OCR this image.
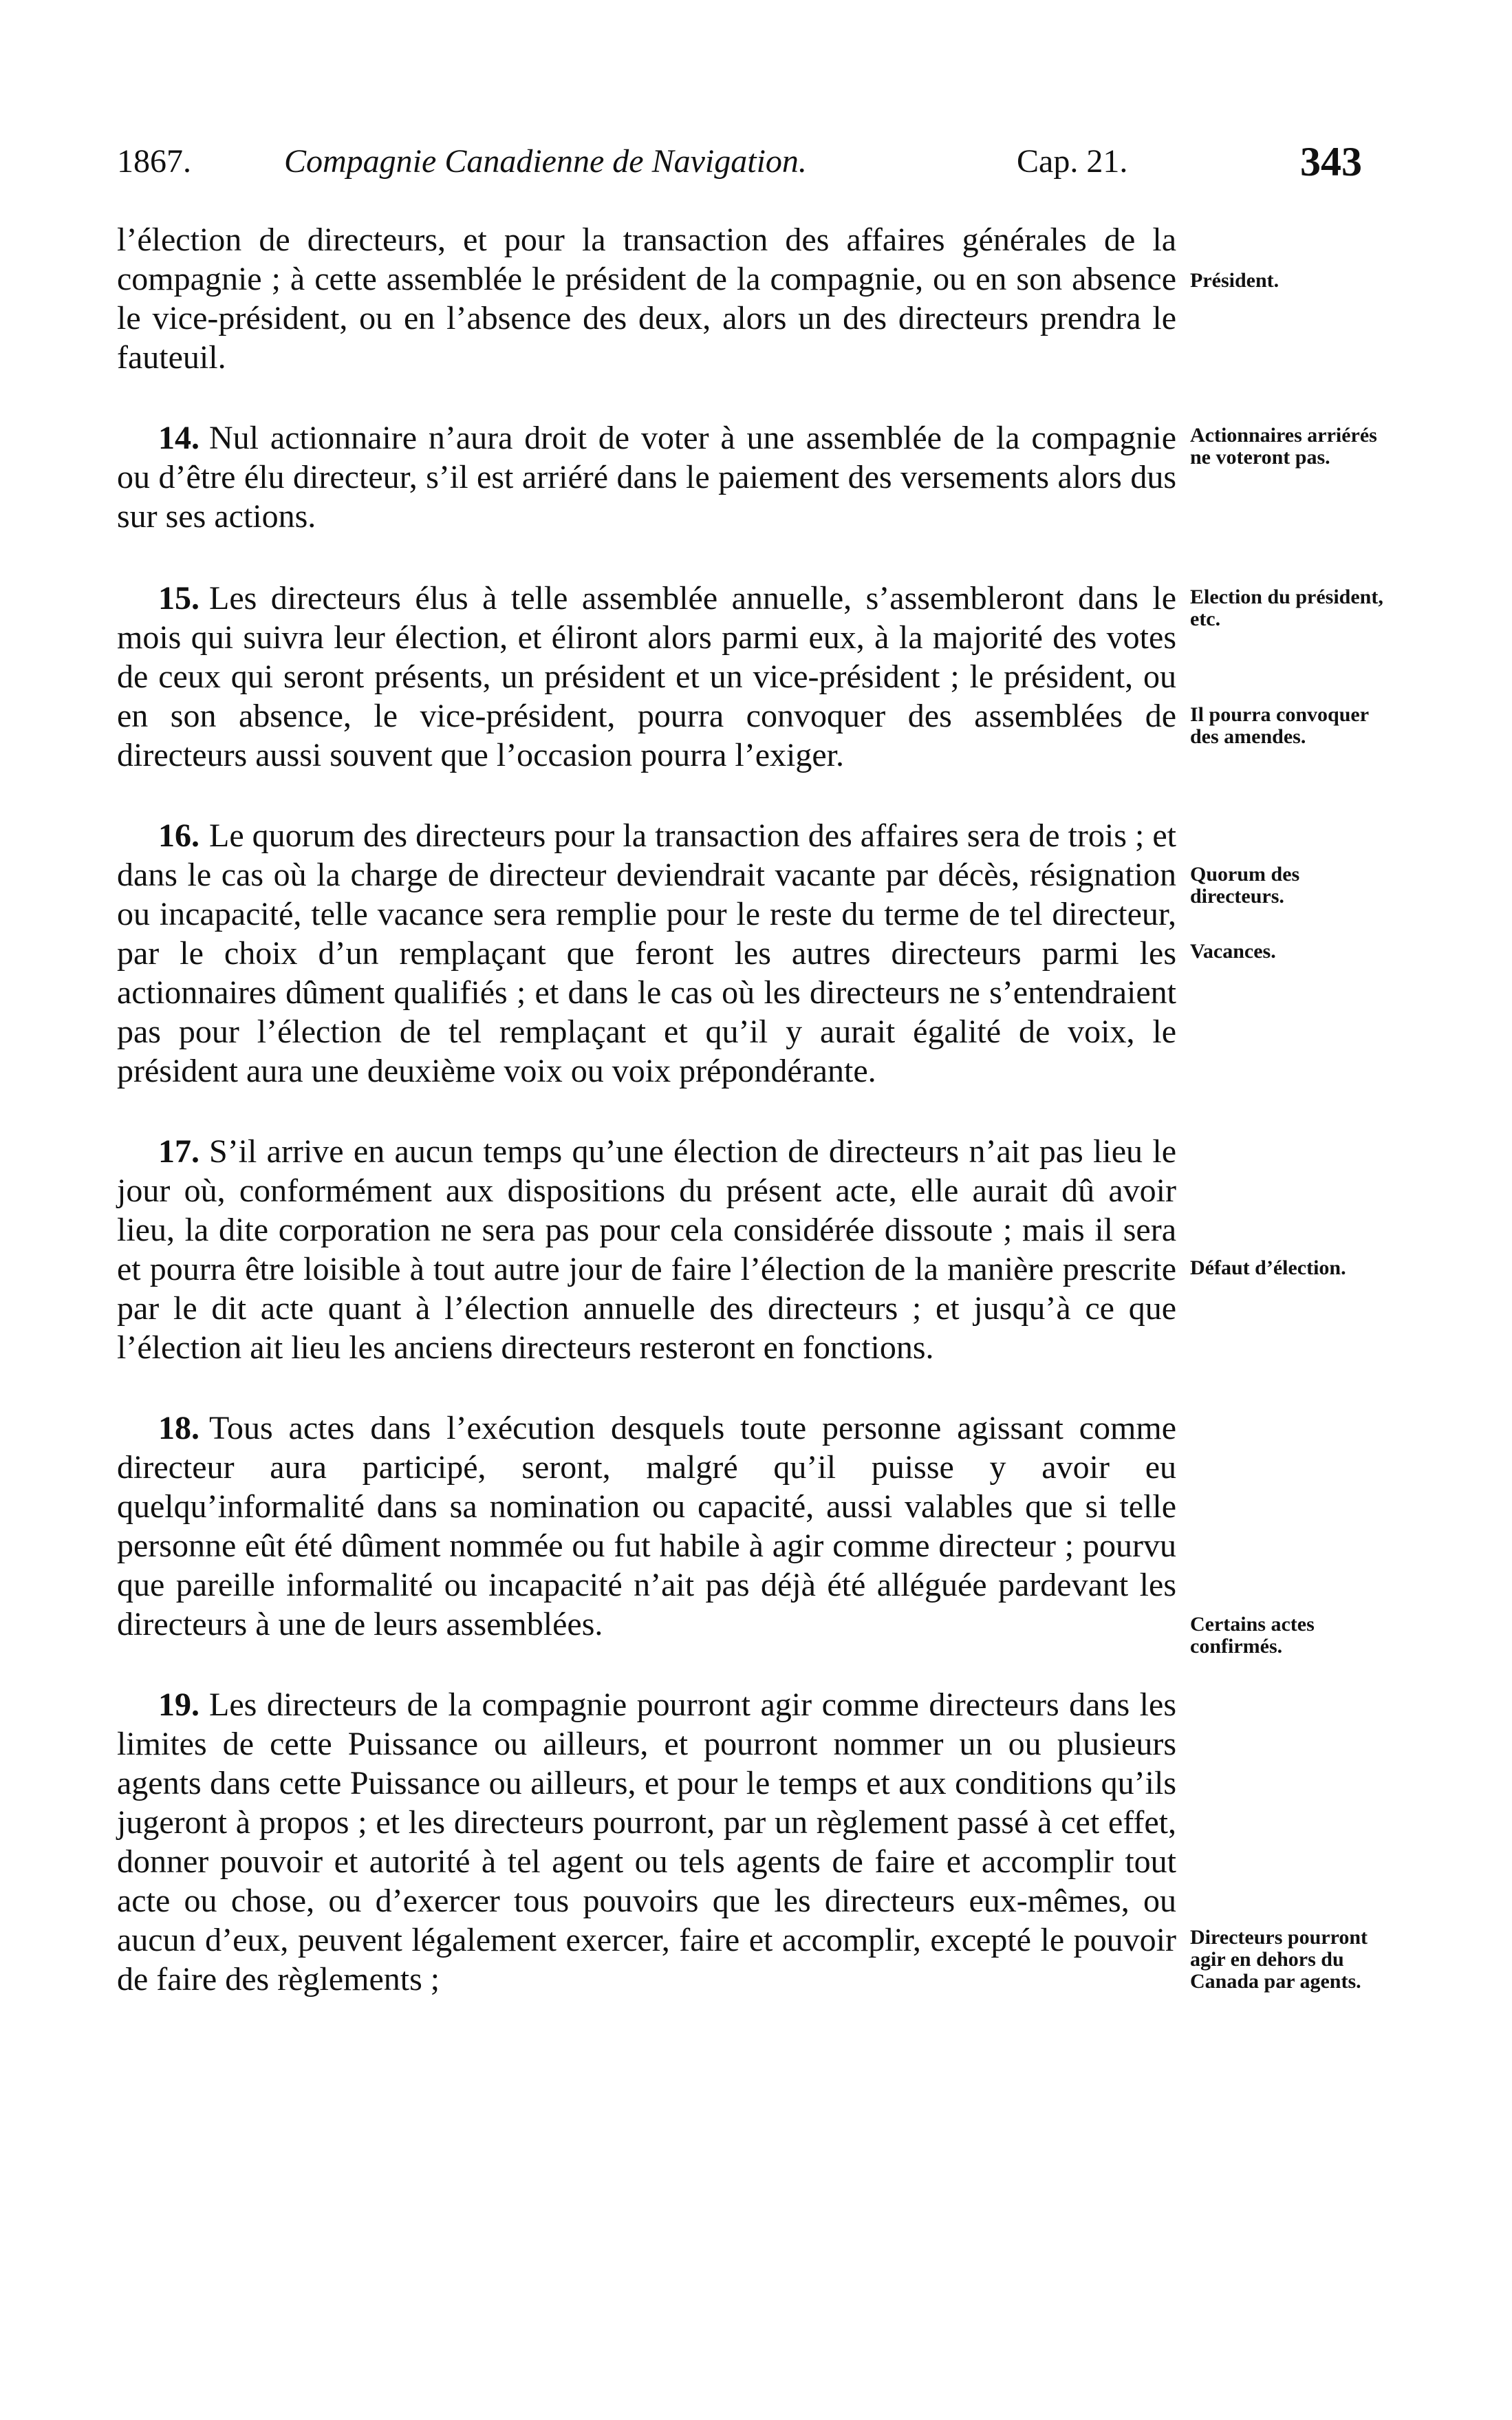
1867.	Compagnie Canadienne de Navigation.	Cap. 21.	343

l’élection de directeurs, et pour la transaction des affaires générales de la compagnie ; à cette assemblée le président de la compagnie, ou en son absence le vice-président, ou en l’absence des deux, alors un des directeurs prendra le fauteuil.

14. Nul actionnaire n’aura droit de voter à une assemblée de la compagnie ou d’être élu directeur, s’il est arriéré dans le paiement des versements alors dus sur ses actions.

15. Les directeurs élus à telle assemblée annuelle, s’assembleront dans le mois qui suivra leur élection, et éliront alors parmi eux, à la majorité des votes de ceux qui seront présents, un président et un vice-président ; le président, ou en son absence, le vice-président, pourra convoquer des assemblées de directeurs aussi souvent que l’occasion pourra l’exiger.

16. Le quorum des directeurs pour la transaction des affaires sera de trois ; et dans le cas où la charge de directeur deviendrait vacante par décès, résignation ou incapacité, telle vacance sera remplie pour le reste du terme de tel directeur, par le choix d’un remplaçant que feront les autres directeurs parmi les actionnaires dûment qualifiés ; et dans le cas où les directeurs ne s’entendraient pas pour l’élection de tel remplaçant et qu’il y aurait égalité de voix, le président aura une deuxième voix ou voix prépondérante.

17. S’il arrive en aucun temps qu’une élection de directeurs n’ait pas lieu le jour où, conformément aux dispositions du présent acte, elle aurait dû avoir lieu, la dite corporation ne sera pas pour cela considérée dissoute ; mais il sera et pourra être loisible à tout autre jour de faire l’élection de la manière prescrite par le dit acte quant à l’élection annuelle des directeurs ; et jusqu’à ce que l’élection ait lieu les anciens directeurs resteront en fonctions.

18. Tous actes dans l’exécution desquels toute personne agissant comme directeur aura participé, seront, malgré qu’il puisse y avoir eu quelqu’informalité dans sa nomination ou capacité, aussi valables que si telle personne eût été dûment nommée ou fut habile à agir comme directeur ; pourvu que pareille informalité ou incapacité n’ait pas déjà été alléguée pardevant les directeurs à une de leurs assemblées.

19. Les directeurs de la compagnie pourront agir comme directeurs dans les limites de cette Puissance ou ailleurs, et pourront nommer un ou plusieurs agents dans cette Puissance ou ailleurs, et pour le temps et aux conditions qu’ils jugeront à propos ; et les directeurs pourront, par un règlement passé à cet effet, donner pouvoir et autorité à tel agent ou tels agents de faire et accomplir tout acte ou chose, ou d’exercer tous pouvoirs que les directeurs eux-mêmes, ou aucun d’eux, peuvent légalement exercer, faire et accomplir, excepté le pouvoir de faire des règlements ;

Président.
Actionnaires arriérés ne voteront pas.
Election du président, etc.
Il pourra convoquer des amendes.
Quorum des directeurs.
Vacances.
Défaut d’élection.
Certains actes confirmés.
Directeurs pourront agir en dehors du Canada par agents.
